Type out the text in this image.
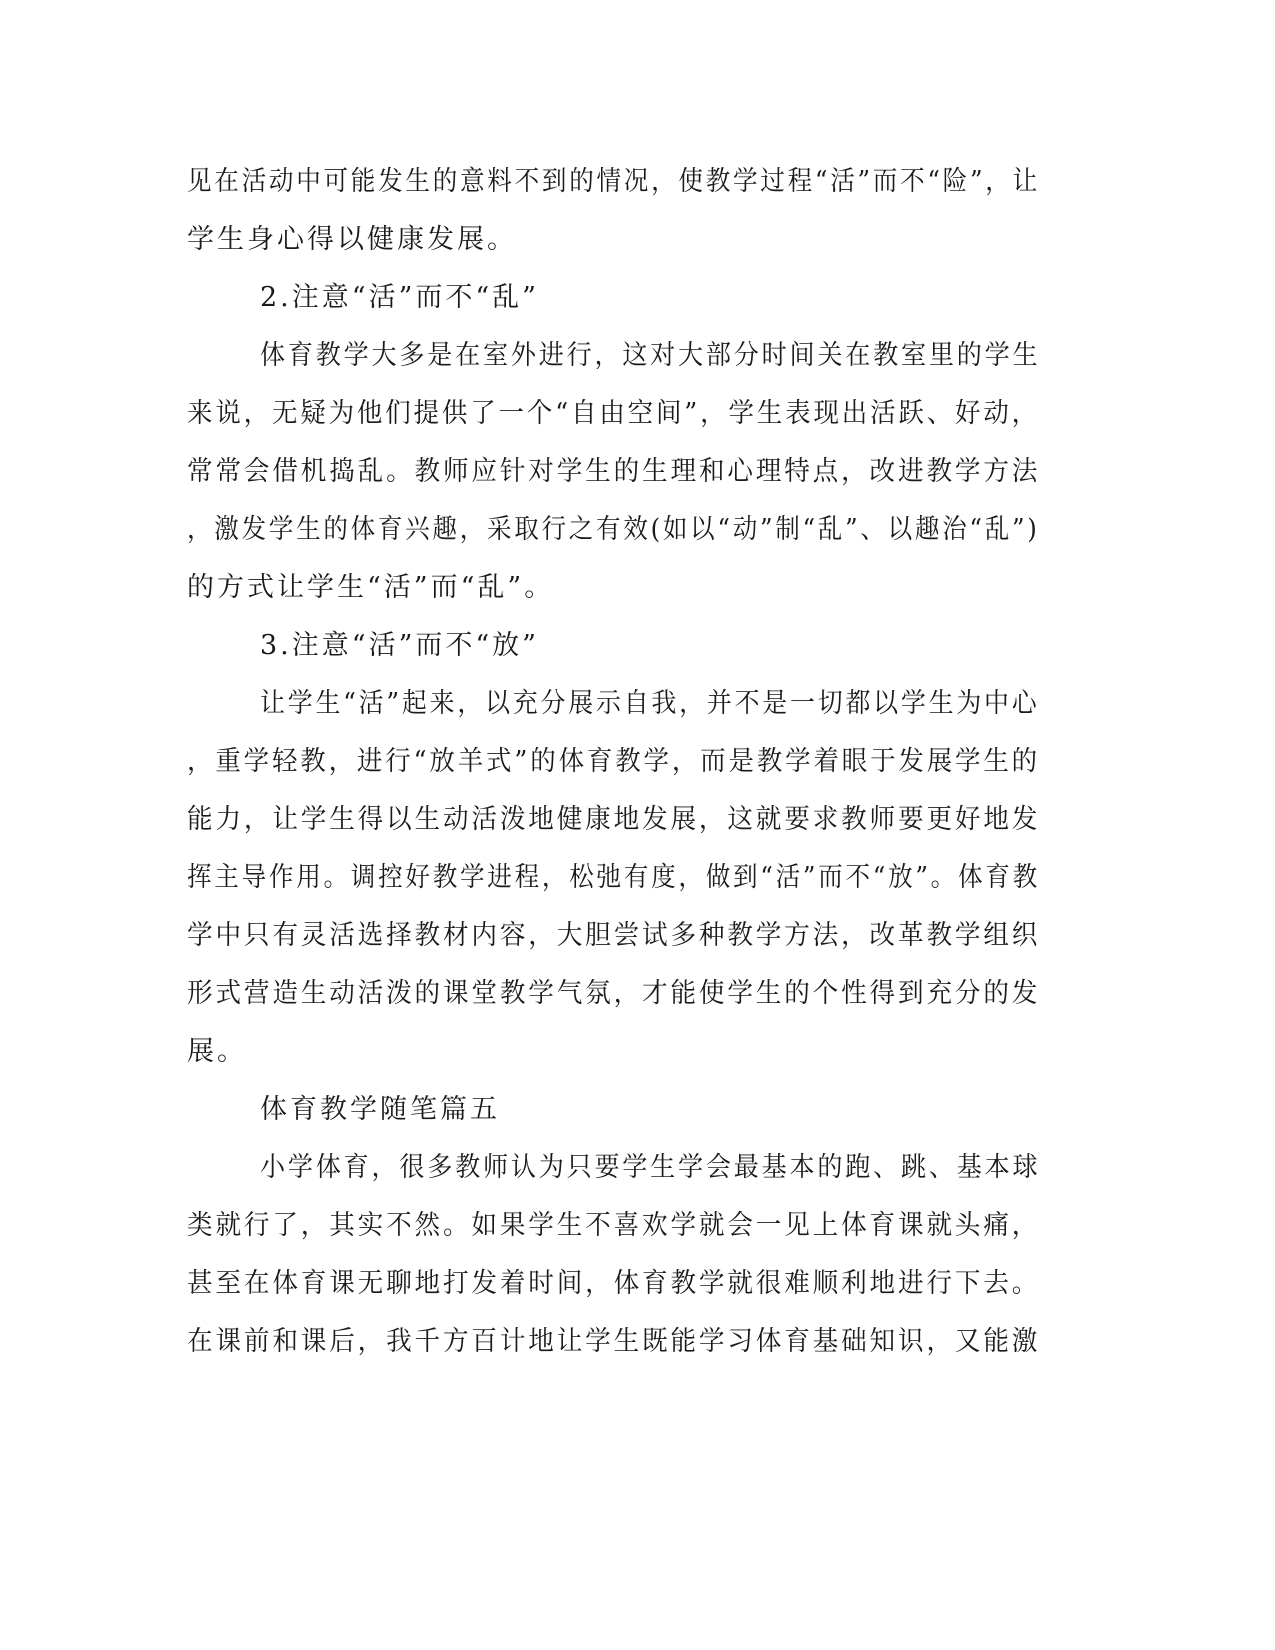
见在活动中可能发生的意料不到的情况，使教学过程“活”而不“险”，让
学生身心得以健康发展。
2.注意“活”而不“乱”
体育教学大多是在室外进行，这对大部分时间关在教室里的学生
来说，无疑为他们提供了一个“自由空间”，学生表现出活跃、好动，
常常会借机捣乱。教师应针对学生的生理和心理特点，改进教学方法
，激发学生的体育兴趣，采取行之有效(如以“动”制“乱”、以趣治“乱”)
的方式让学生“活”而“乱”。
3.注意“活”而不“放”
让学生“活”起来，以充分展示自我，并不是一切都以学生为中心
，重学轻教，进行“放羊式”的体育教学，而是教学着眼于发展学生的
能力，让学生得以生动活泼地健康地发展，这就要求教师要更好地发
挥主导作用。调控好教学进程，松弛有度，做到“活”而不“放”。体育教
学中只有灵活选择教材内容，大胆尝试多种教学方法，改革教学组织
形式营造生动活泼的课堂教学气氛，才能使学生的个性得到充分的发
展。
体育教学随笔篇五
小学体育，很多教师认为只要学生学会最基本的跑、跳、基本球
类就行了，其实不然。如果学生不喜欢学就会一见上体育课就头痛，
甚至在体育课无聊地打发着时间，体育教学就很难顺利地进行下去。
在课前和课后，我千方百计地让学生既能学习体育基础知识，又能激
